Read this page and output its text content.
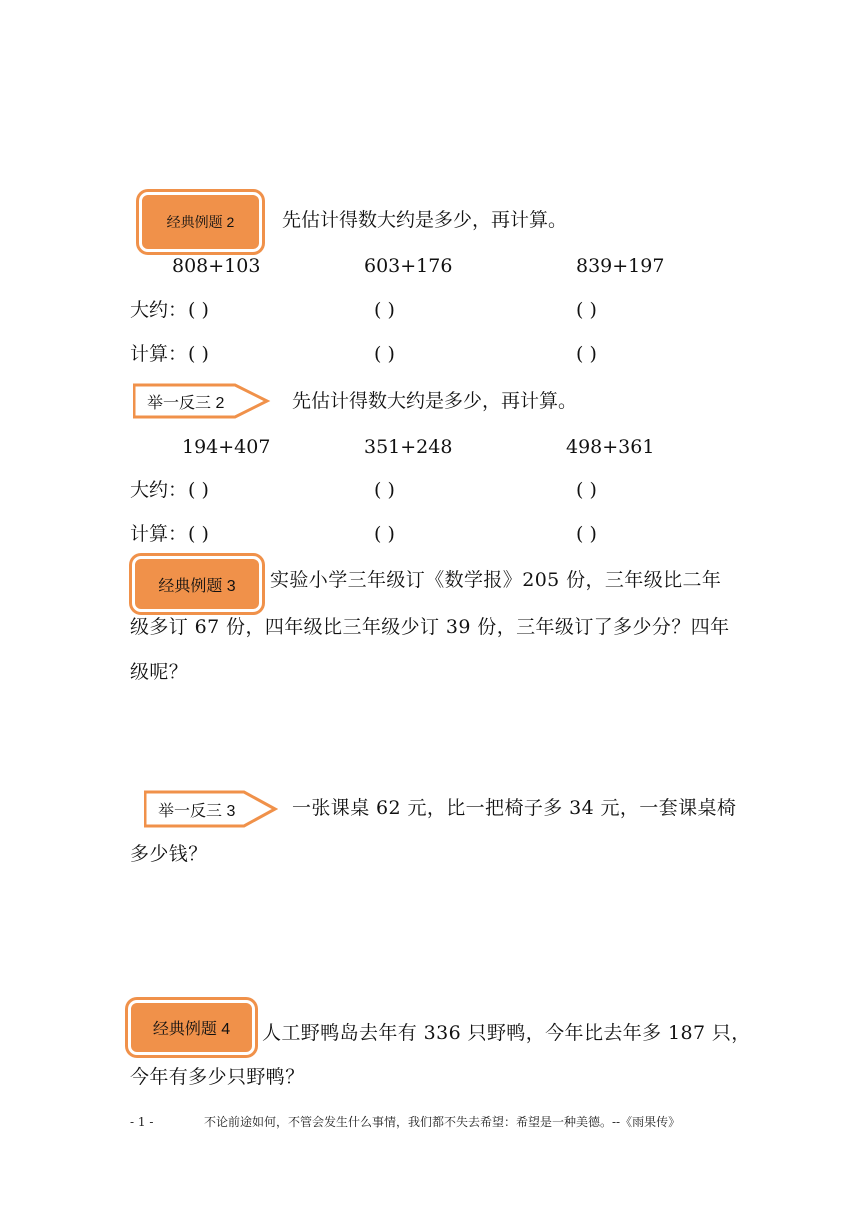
经典例题 2	先估计得数大约是多少，再计算。
808+103	603+176	839+197
大约： ( )	( )	( )
计算： ( )	( )	( )
举一反三 2	先估计得数大约是多少，再计算。
194+407	351+248	498+361
大约： ( )	( )	( )
计算： ( )	( )	( )
经典例题 3 实验小学三年级订《数学报》205 份，三年级比二年
级多订 67 份，四年级比三年级少订 39 份，三年级订了多少分？四年
级呢？
举一反三 3	一张课桌 62 元，比一把椅子多 34 元，一套课桌椅
多少钱？
经典例题 4 人工野鸭岛去年有 336 只野鸭，今年比去年多 187 只，
今年有多少只野鸭？
- 1 -	不论前途如何，不管会发生什么事情，我们都不失去希望：希望是一种美德。--《雨果传》
